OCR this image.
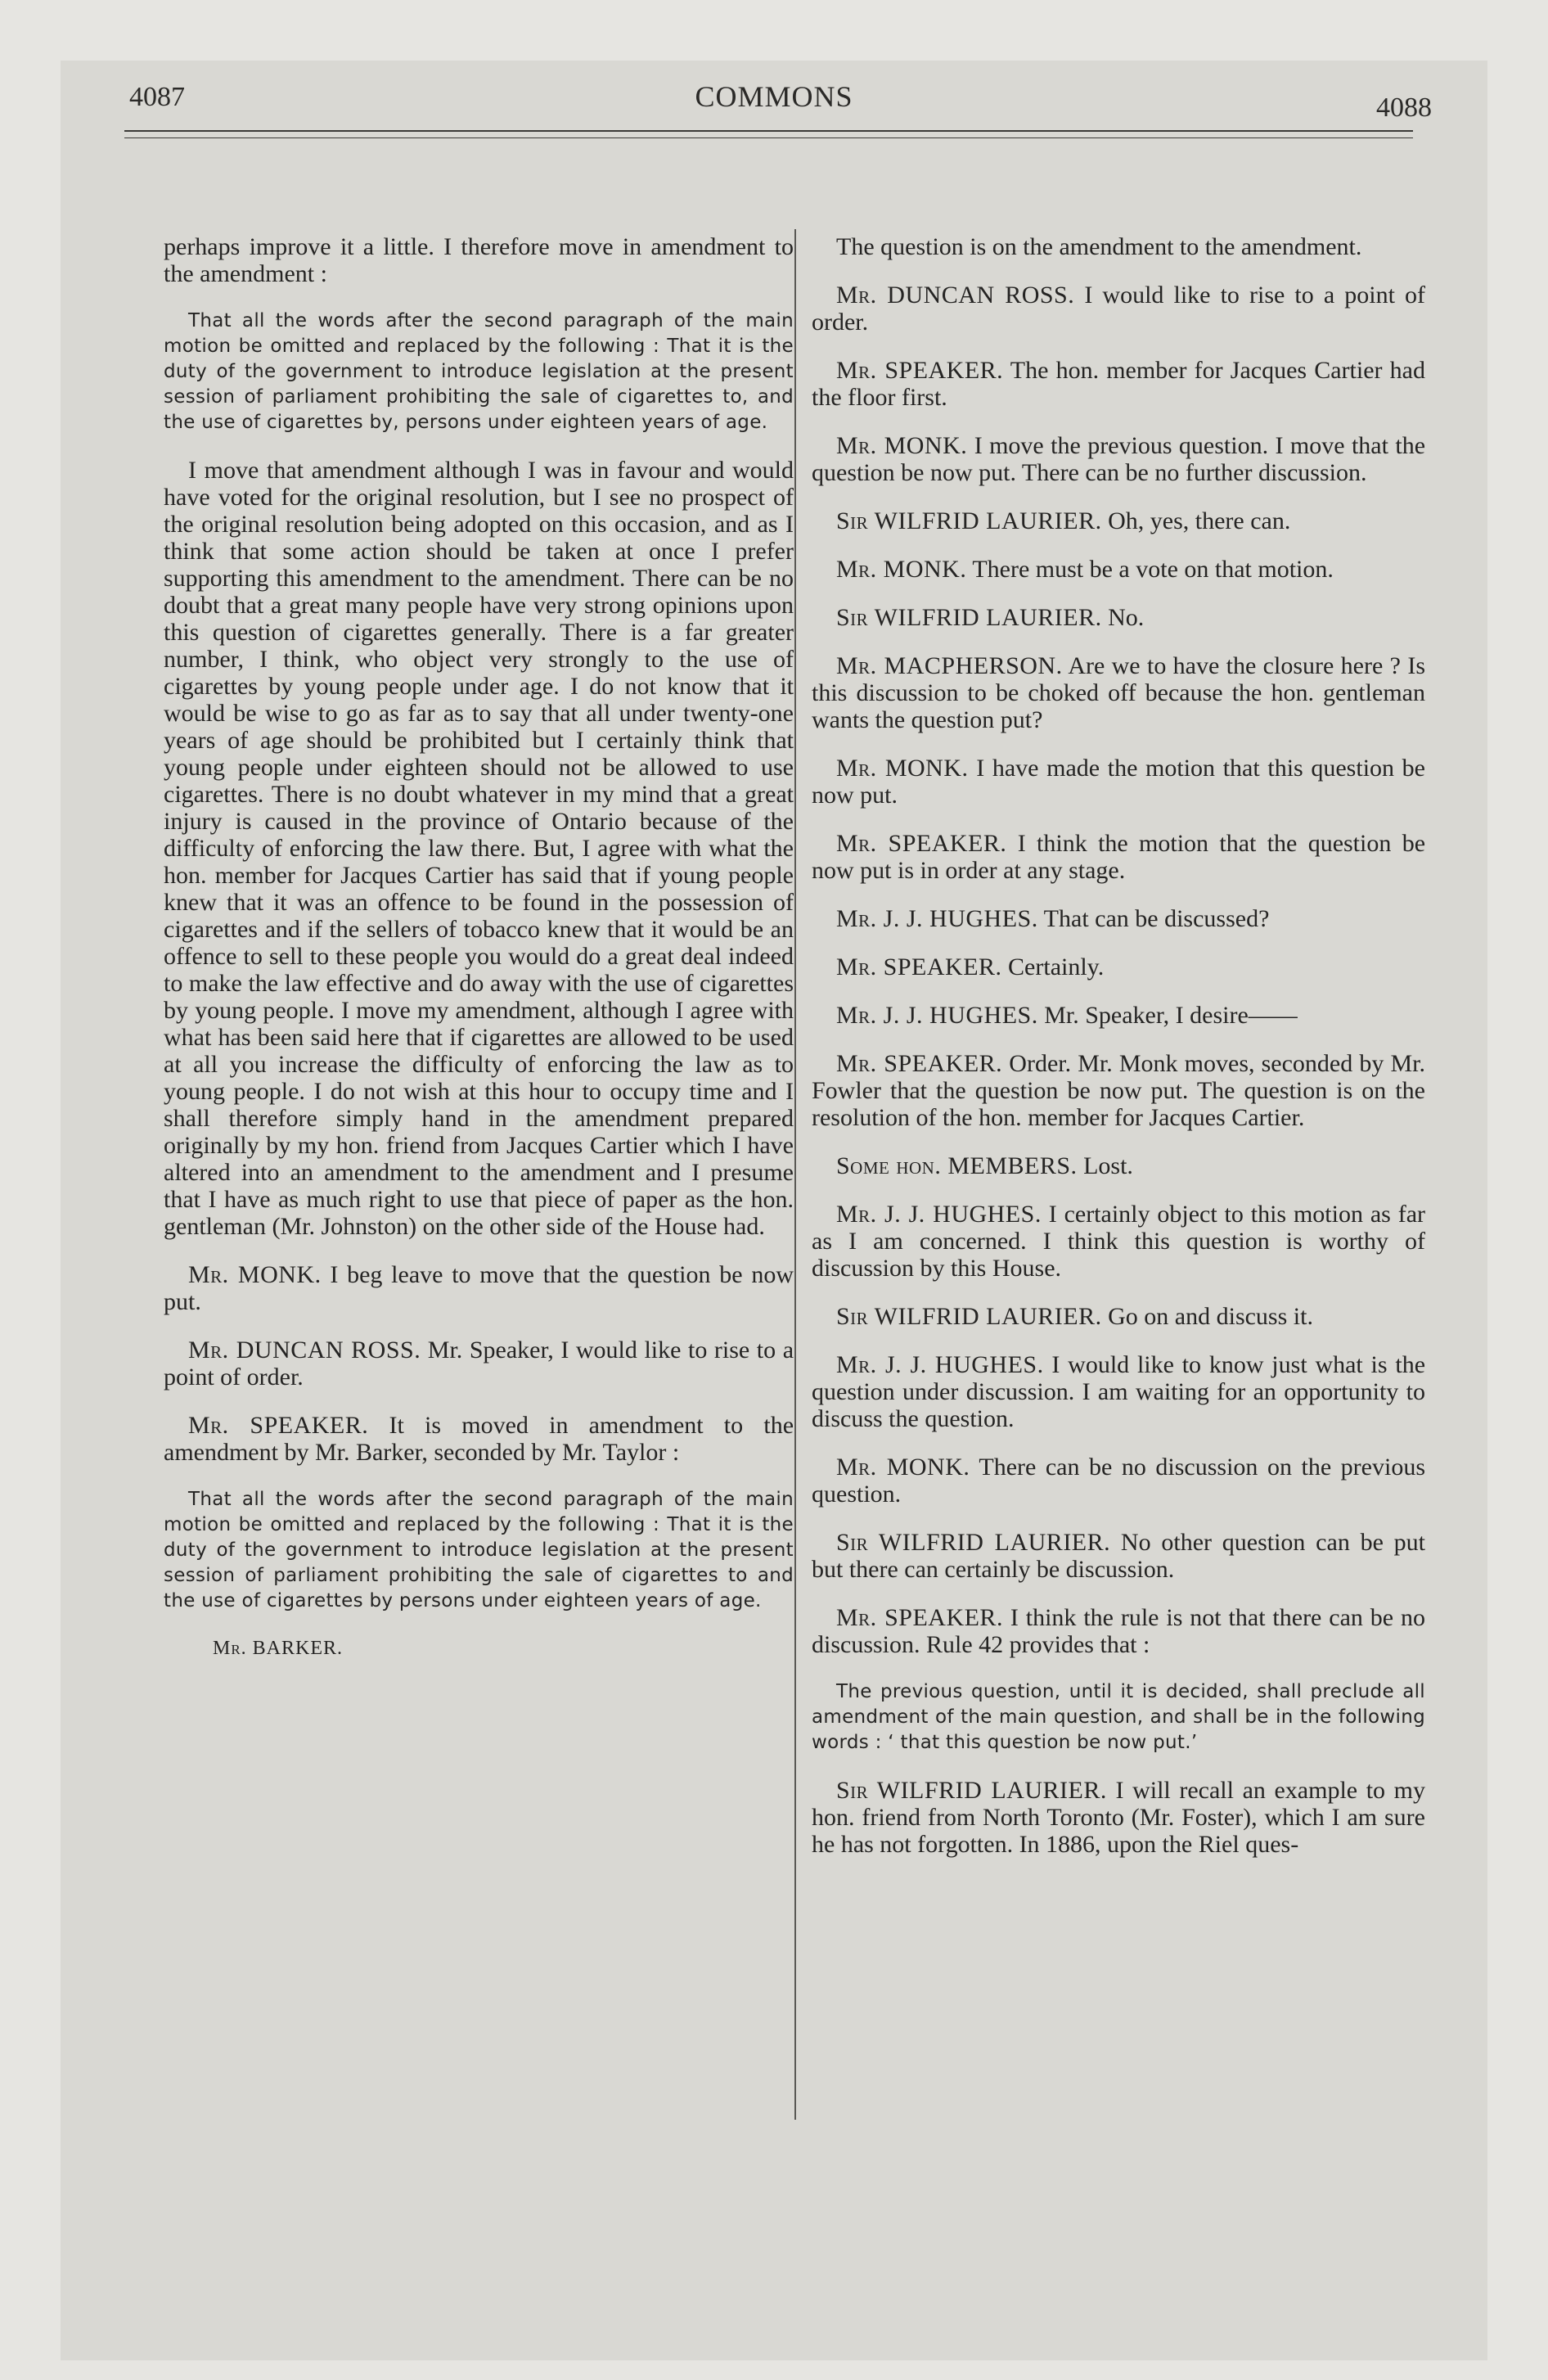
4087	COMMONS	4088

perhaps improve it a little. I therefore move in amendment to the amendment :

That all the words after the second paragraph of the main motion be omitted and replaced by the following : That it is the duty of the government to introduce legislation at the present session of parliament prohibiting the sale of cigarettes to, and the use of cigarettes by, persons under eighteen years of age.

I move that amendment although I was in favour and would have voted for the original resolution, but I see no prospect of the original resolution being adopted on this occasion, and as I think that some action should be taken at once I prefer supporting this amendment to the amendment. There can be no doubt that a great many people have very strong opinions upon this question of cigarettes generally. There is a far greater number, I think, who object very strongly to the use of cigarettes by young people under age. I do not know that it would be wise to go as far as to say that all under twenty-one years of age should be prohibited but I certainly think that young people under eighteen should not be allowed to use cigarettes. There is no doubt whatever in my mind that a great injury is caused in the province of Ontario because of the difficulty of enforcing the law there. But, I agree with what the hon. member for Jacques Cartier has said that if young people knew that it was an offence to be found in the possession of cigarettes and if the sellers of tobacco knew that it would be an offence to sell to these people you would do a great deal indeed to make the law effective and do away with the use of cigarettes by young people. I move my amendment, although I agree with what has been said here that if cigarettes are allowed to be used at all you increase the difficulty of enforcing the law as to young people. I do not wish at this hour to occupy time and I shall therefore simply hand in the amendment prepared originally by my hon. friend from Jacques Cartier which I have altered into an amendment to the amendment and I presume that I have as much right to use that piece of paper as the hon. gentleman (Mr. Johnston) on the other side of the House had.

Mr. MONK. I beg leave to move that the question be now put.

Mr. DUNCAN ROSS. Mr. Speaker, I would like to rise to a point of order.

Mr. SPEAKER. It is moved in amendment to the amendment by Mr. Barker, seconded by Mr. Taylor :

That all the words after the second paragraph of the main motion be omitted and replaced by the following : That it is the duty of the government to introduce legislation at the present session of parliament prohibiting the sale of cigarettes to and the use of cigarettes by persons under eighteen years of age.

Mr. BARKER.

The question is on the amendment to the amendment.

Mr. DUNCAN ROSS. I would like to rise to a point of order.

Mr. SPEAKER. The hon. member for Jacques Cartier had the floor first.

Mr. MONK. I move the previous question. I move that the question be now put. There can be no further discussion.

Sir WILFRID LAURIER. Oh, yes, there can.

Mr. MONK. There must be a vote on that motion.

Sir WILFRID LAURIER. No.

Mr. MACPHERSON. Are we to have the closure here ? Is this discussion to be choked off because the hon. gentleman wants the question put?

Mr. MONK. I have made the motion that this question be now put.

Mr. SPEAKER. I think the motion that the question be now put is in order at any stage.

Mr. J. J. HUGHES. That can be discussed?

Mr. SPEAKER. Certainly.

Mr. J. J. HUGHES. Mr. Speaker, I desire——

Mr. SPEAKER. Order. Mr. Monk moves, seconded by Mr. Fowler that the question be now put. The question is on the resolution of the hon. member for Jacques Cartier.

Some hon. MEMBERS. Lost.

Mr. J. J. HUGHES. I certainly object to this motion as far as I am concerned. I think this question is worthy of discussion by this House.

Sir WILFRID LAURIER. Go on and discuss it.

Mr. J. J. HUGHES. I would like to know just what is the question under discussion. I am waiting for an opportunity to discuss the question.

Mr. MONK. There can be no discussion on the previous question.

Sir WILFRID LAURIER. No other question can be put but there can certainly be discussion.

Mr. SPEAKER. I think the rule is not that there can be no discussion. Rule 42 provides that :

The previous question, until it is decided, shall preclude all amendment of the main question, and shall be in the following words : ‘ that this question be now put.’

Sir WILFRID LAURIER. I will recall an example to my hon. friend from North Toronto (Mr. Foster), which I am sure he has not forgotten. In 1886, upon the Riel ques-
